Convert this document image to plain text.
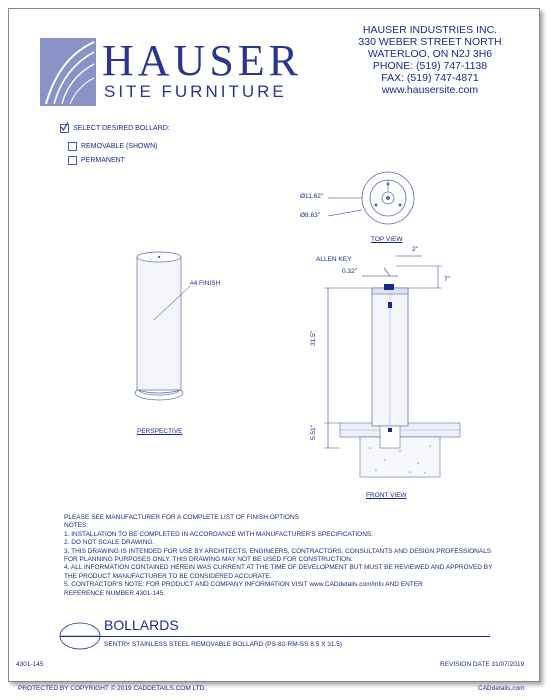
HAUSER
SITE FURNITURE
HAUSER INDUSTRIES INC.
330 WEBER STREET NORTH
WATERLOO, ON N2J 3H6
PHONE: (519) 747-1138
FAX: (519) 747-4871
www.hausersite.com
SELECT DESIRED BOLLARD:
REMOVABLE (SHOWN)
PERMANENT
#4 FINISH
PERSPECTIVE
Ø11.62"
Ø8.63"
TOP VIEW
ALLEN KEY
0.32"
2"
7"
31.5"
5.51"
FRONT VIEW
PLEASE SEE MANUFACTURER FOR A COMPLETE LIST OF FINISH OPTIONS
NOTES:
1. INSTALLATION TO BE COMPLETED IN ACCORDANCE WITH MANUFACTURER'S SPECIFICATIONS.
2. DO NOT SCALE DRAWING.
3. THIS DRAWING IS INTENDED FOR USE BY ARCHITECTS, ENGINEERS, CONTRACTORS, CONSULTANTS AND DESIGN PROFESSIONALS
FOR PLANNING PURPOSES ONLY. THIS DRAWING MAY NOT BE USED FOR CONSTRUCTION.
4. ALL INFORMATION CONTAINED HEREIN WAS CURRENT AT THE TIME OF DEVELOPMENT BUT MUST BE REVIEWED AND APPROVED BY
THE PRODUCT MANUFACTURER TO BE CONSIDERED ACCURATE.
5. CONTRACTOR'S NOTE: FOR PRODUCT AND COMPANY INFORMATION VISIT www.CADdetails.com/info AND ENTER
REFERENCE NUMBER 4301-145
BOLLARDS
SENTRY STAINLESS STEEL REMOVABLE BOLLARD (PS-82-RM-SS 8.5 X 31.5)
4301-145	REVISION DATE 31/07/2019
PROTECTED BY COPYRIGHT © 2019 CADDETAILS.COM LTD.	CADdetails.com
